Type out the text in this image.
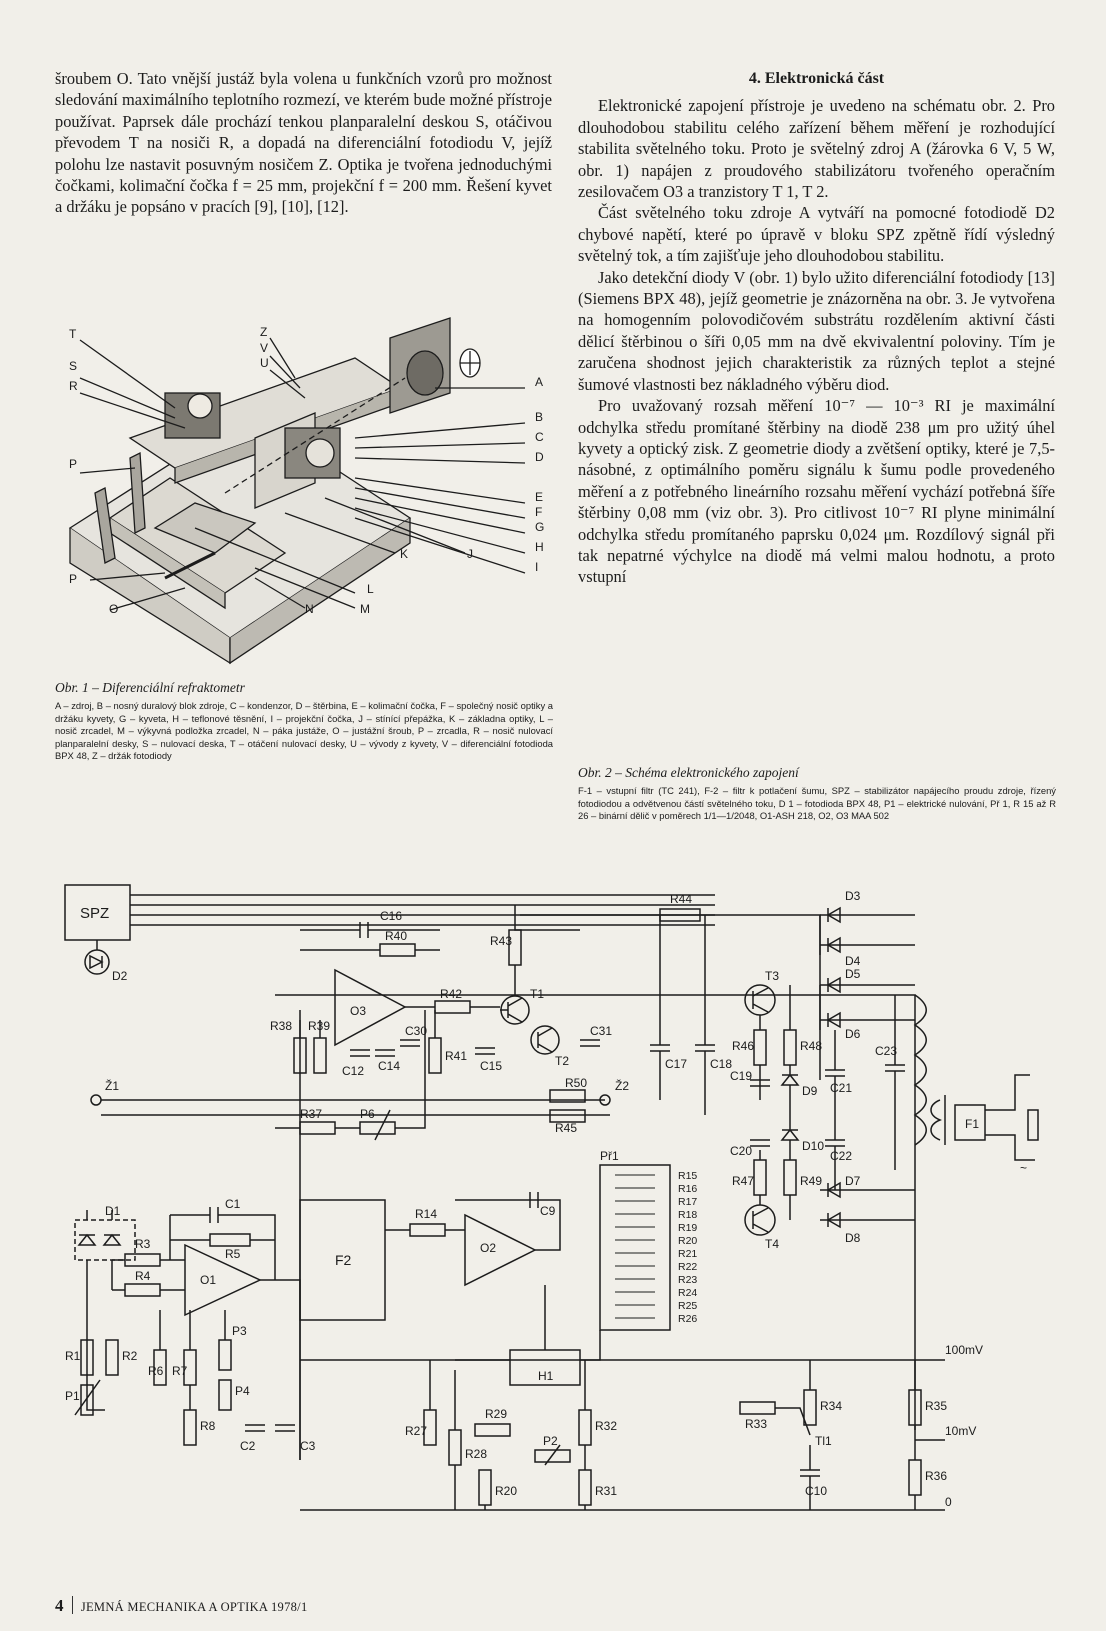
šroubem O. Tato vnější justáž byla volena u funkčních vzorů pro možnost sledování maximálního teplotního rozmezí, ve kterém bude možné přístroje používat. Paprsek dále prochází tenkou planparalelní deskou S, otáčivou převodem T na nosiči R, a dopadá na diferenciální fotodiodu V, jejíž polohu lze nastavit posuvným nosičem Z. Optika je tvořena jednoduchými čočkami, kolimační čočka f = 25 mm, projekční f = 200 mm. Řešení kyvet a držáku je popsáno v pracích [9], [10], [12].

4. Elektronická část

Elektronické zapojení přístroje je uvedeno na schématu obr. 2. Pro dlouhodobou stabilitu celého zařízení během měření je rozhodující stabilita světelného toku. Proto je světelný zdroj A (žárovka 6 V, 5 W, obr. 1) napájen z proudového stabilizátoru tvořeného operačním zesilovačem O3 a tranzistory T 1, T 2.

Část světelného toku zdroje A vytváří na pomocné fotodiodě D2 chybové napětí, které po úpravě v bloku SPZ zpětně řídí výsledný světelný tok, a tím zajišťuje jeho dlouhodobou stabilitu.

Jako detekční diody V (obr. 1) bylo užito diferenciální fotodiody [13] (Siemens BPX 48), jejíž geometrie je znázorněna na obr. 3. Je vytvořena na homogenním polovodičovém substrátu rozdělením aktivní části dělicí štěrbinou o šíři 0,05 mm na dvě ekvivalentní poloviny. Tím je zaručena shodnost jejich charakteristik za různých teplot a stejné šumové vlastnosti bez nákladného výběru diod.

Pro uvažovaný rozsah měření 10⁻⁷ — 10⁻³ RI je maximální odchylka středu promítané štěrbiny na diodě 238 μm pro užitý úhel kyvety a optický zisk. Z geometrie diody a zvětšení optiky, které je 7,5-násobné, z optimálního poměru signálu k šumu podle provedeného měření a z potřebného lineárního rozsahu měření vychází potřebná šíře štěrbiny 0,08 mm (viz obr. 3). Pro citlivost 10⁻⁷ RI plyne minimální odchylka středu promítaného paprsku 0,024 μm. Rozdílový signál při tak nepatrné výchylce na diodě má velmi malou hodnotu, a proto vstupní

T
S
R
P
Z
V
U
A
B
C
D
E
F
G
H
I
K	J
L
P
O	N	M

Obr. 1 – Diferenciální refraktometr

A – zdroj, B – nosný duralový blok zdroje, C – kondenzor, D – štěrbina, E – kolimační čočka, F – společný nosič optiky a držáku kyvety, G – kyveta, H – teflonové těsnění, I – projekční čočka, J – stínící přepážka, K – základna optiky, L – nosič zrcadel, M – výkyvná podložka zrcadel, N – páka justáže, O – justážní šroub, P – zrcadla, R – nosič nulovací planparalelní desky, S – nulovací deska, T – otáčení nulovací desky, U – vývody z kyvety, V – diferenciální fotodioda BPX 48, Z – držák fotodiody

Obr. 2 – Schéma elektronického zapojení

F-1 – vstupní filtr (TC 241), F-2 – filtr k potlačení šumu, SPZ – stabilizátor napájecího proudu zdroje, řízený fotodiodou a odvětvenou částí světelného toku, D 1 – fotodioda BPX 48, P1 – elektrické nulování, Př 1, R 15 až R 26 – binární dělič v poměrech 1/1—1/2048, O1-ASH 218, O2, O3 MAA 502

SPZ
D2
Ž1	Ž2
C16
R40	R43
R44	D3
D4
D5
D6
D7
D8
T3
T4
R42	T1
T2
R38 R39
O3
C12 C14
C30
R41
C15
C31
C17 C18
R50
R45
R46	R48
C19
D9 C21
C23
F1
C20	D10
C22
R47	R49
~
R37	P6
D1	C1
R5
R3
R4	O1
F2
R14
O2
C9
Př1
R1	R2
P1
R6 R7
P3
P4
R8
C2	C3
H1
R29
R27
R28
P2
R32
R20	R31
R33
R34
Tl1
C10
R35
R36
100mV
10mV
0
R15
R16
R17
R18
R19
R20
R21
R22
R23
R24
R25
R26
4 JEMNÁ MECHANIKA A OPTIKA 1978/1
